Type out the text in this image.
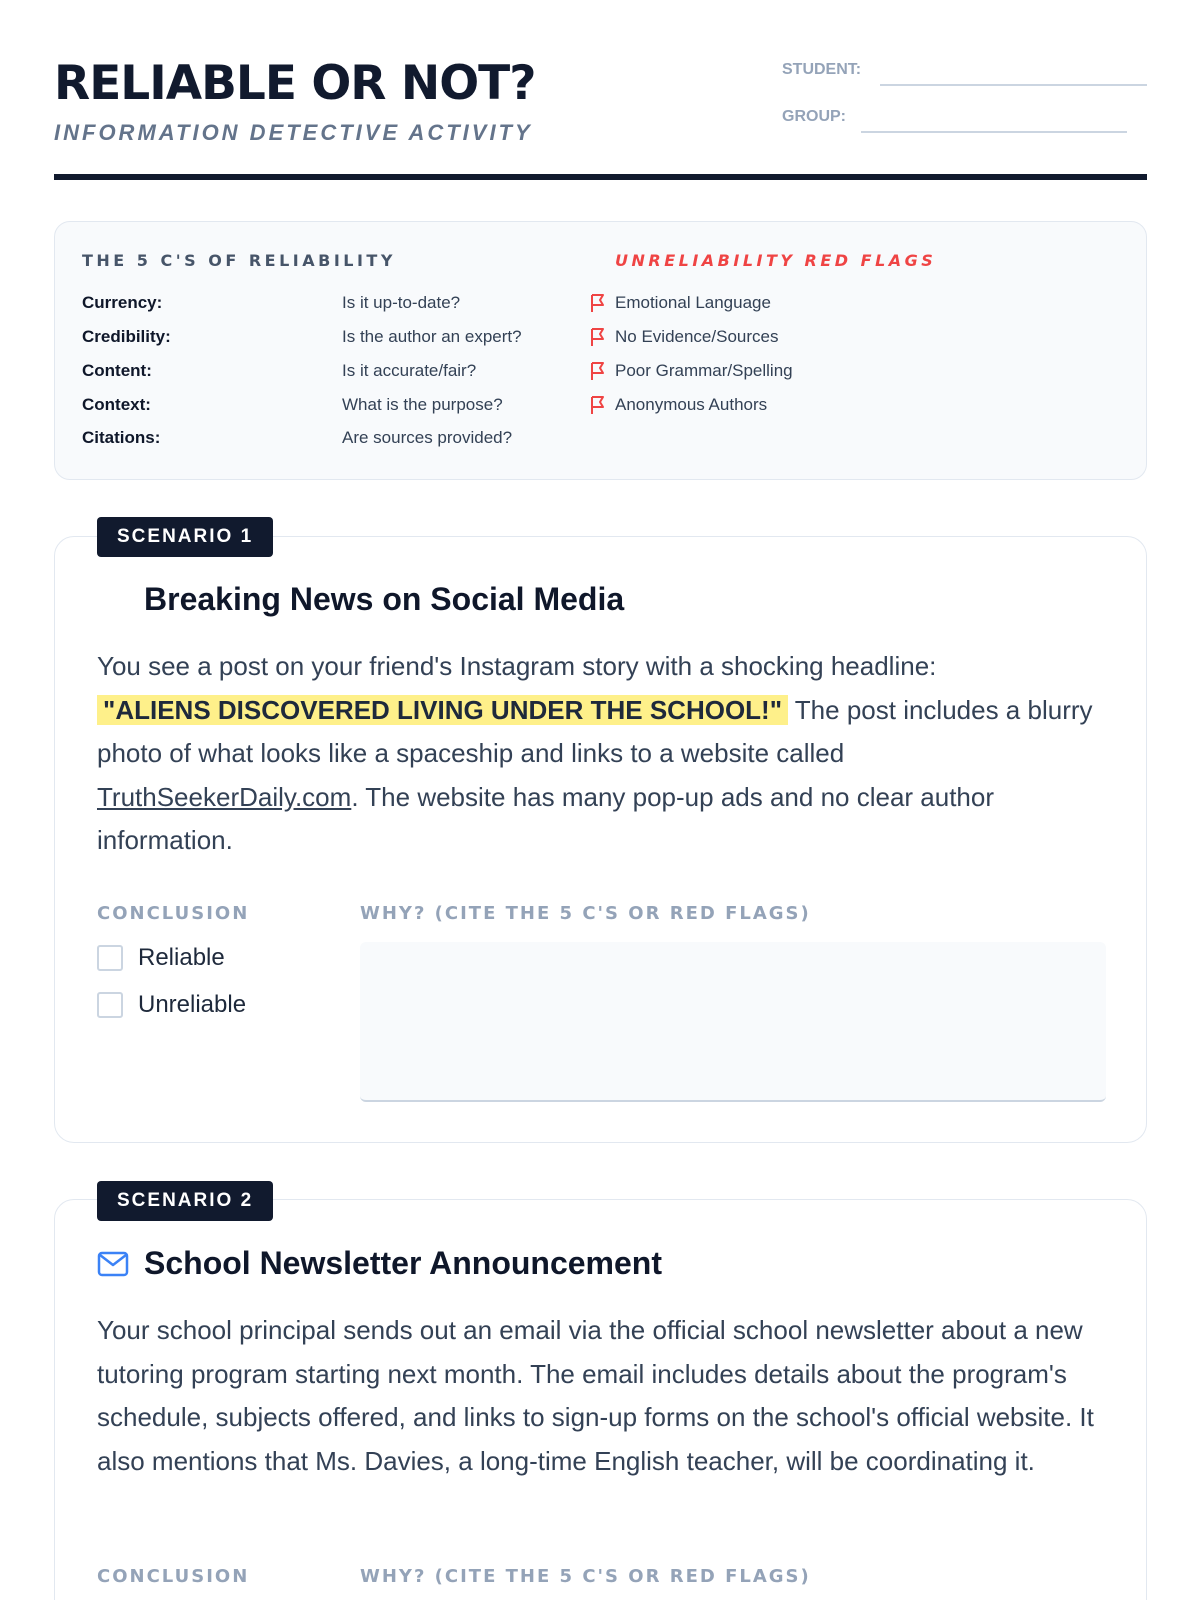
RELIABLE OR NOT?
INFORMATION DETECTIVE ACTIVITY
STUDENT:
GROUP:
THE 5 C'S OF RELIABILITY	UNRELIABILITY RED FLAGS
Currency:	Is it up-to-date?
Credibility:	Is the author an expert?
Content:	Is it accurate/fair?
Context:	What is the purpose?
Citations:	Are sources provided?
Emotional Language
No Evidence/Sources
Poor Grammar/Spelling
Anonymous Authors
SCENARIO 1
Breaking News on Social Media
You see a post on your friend's Instagram story with a shocking headline:
"ALIENS DISCOVERED LIVING UNDER THE SCHOOL!" The post includes a blurry photo of what looks like a spaceship and links to a website called TruthSeekerDaily.com. The website has many pop-up ads and no clear author information.
CONCLUSION	WHY? (CITE THE 5 C'S OR RED FLAGS)
Reliable
Unreliable
SCENARIO 2
School Newsletter Announcement
Your school principal sends out an email via the official school newsletter about a new tutoring program starting next month. The email includes details about the program's schedule, subjects offered, and links to sign-up forms on the school's official website. It also mentions that Ms. Davies, a long-time English teacher, will be coordinating it.
CONCLUSION	WHY? (CITE THE 5 C'S OR RED FLAGS)
